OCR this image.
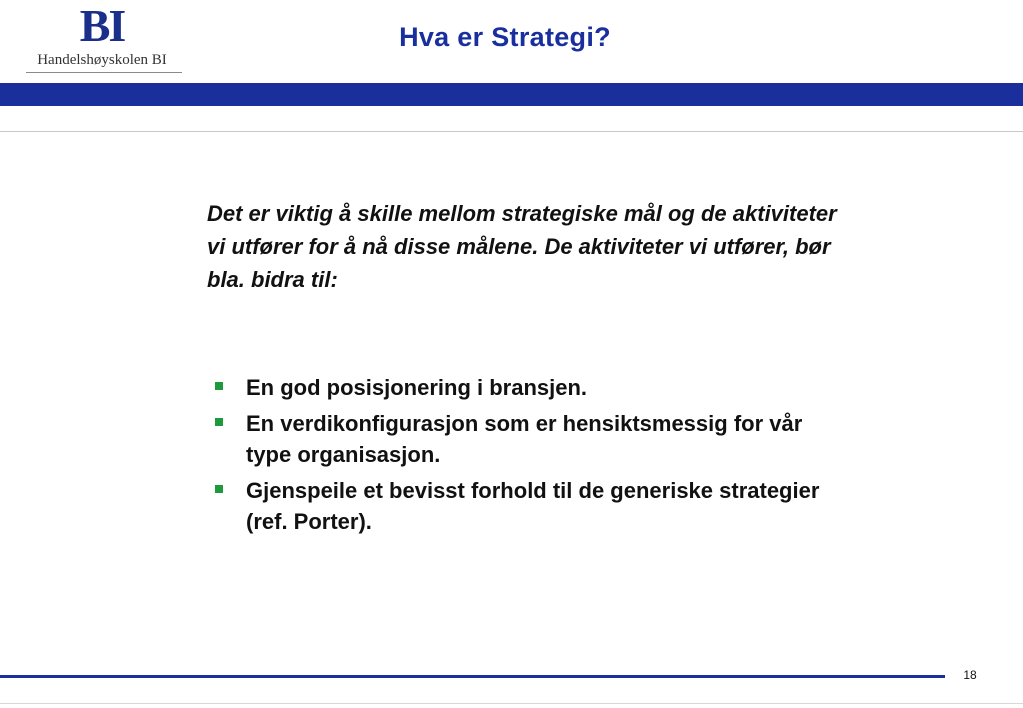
BI
Handelshøyskolen BI
Hva er Strategi?

Det er viktig å skille mellom strategiske mål og de aktiviteter vi utfører for å nå disse målene. De aktiviteter vi utfører, bør bla. bidra til:

En god posisjonering i bransjen.
En verdikonfigurasjon som er hensiktsmessig for vår type organisasjon.
Gjenspeile et bevisst forhold til de generiske strategier (ref. Porter).
18
